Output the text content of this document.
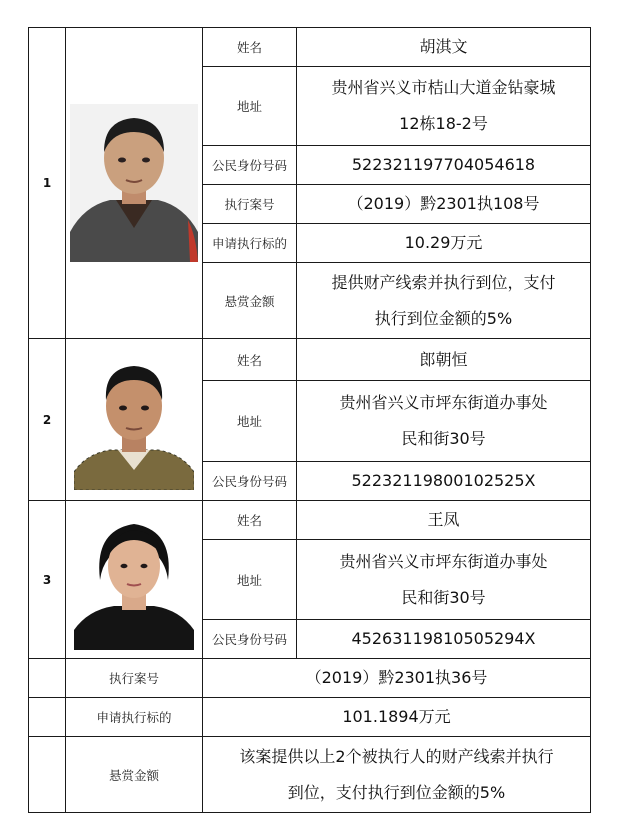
1		姓名	胡淇文
		地址	贵州省兴义市桔山大道金钻豪城
12栋18-2号

		公民身份号码	522321197704054618
		执行案号	（2019）黔2301执108号
		申请执行标的	10.29万元
		悬赏金额	提供财产线索并执行到位，支付
执行到位金额的5%

2		姓名	郎朝恒
		地址	贵州省兴义市坪东街道办事处
民和街30号

		公民身份号码	52232119800102525X
3		姓名	王凤
		地址	贵州省兴义市坪东街道办事处
民和街30号

		公民身份号码	45263119810505294X
	执行案号	（2019）黔2301执36号	
	申请执行标的	101.1894万元	
	悬赏金额	该案提供以上2个被执行人的财产线索并执行
到位，支付执行到位金额的5%	
